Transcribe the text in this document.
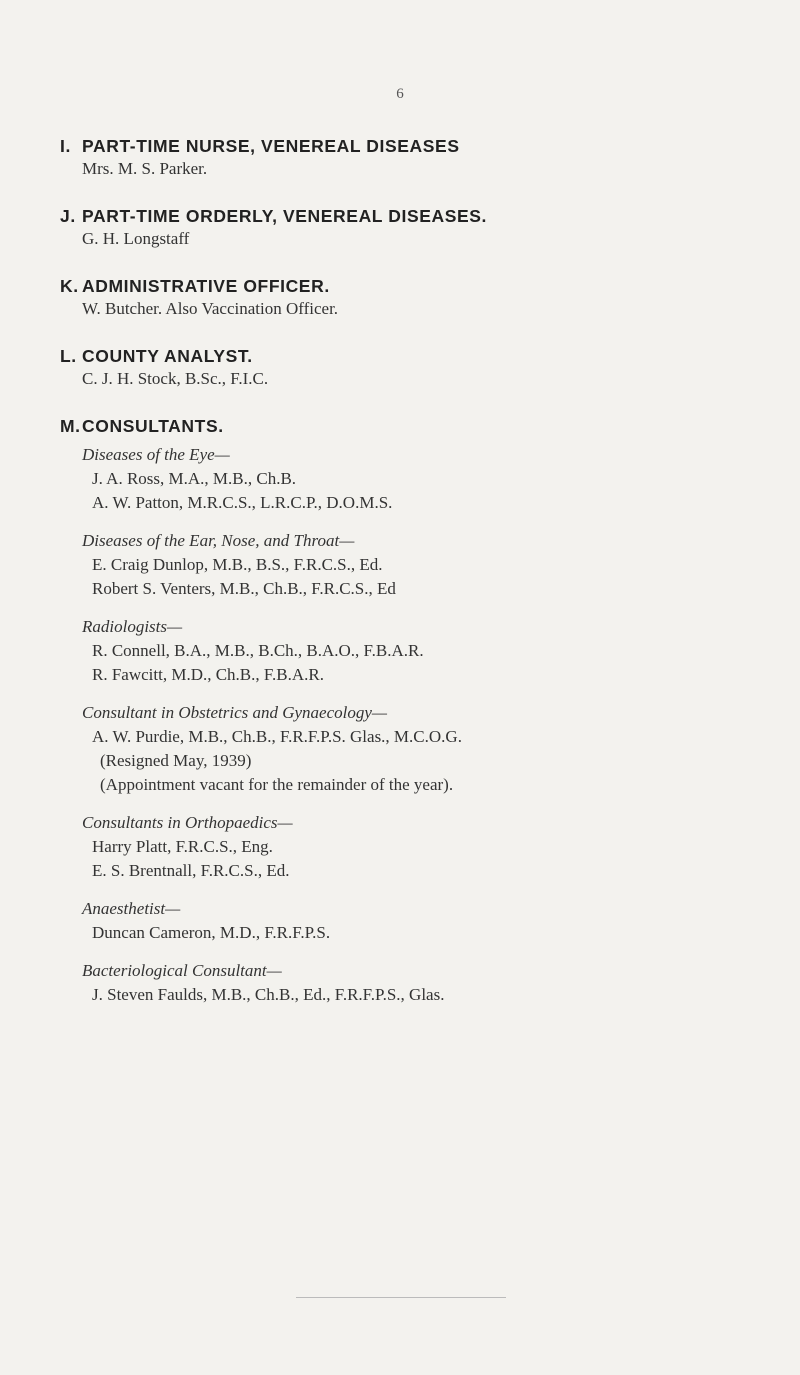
6
I. PART-TIME NURSE, VENEREAL DISEASES
Mrs. M. S. Parker.
J. PART-TIME ORDERLY, VENEREAL DISEASES.
G. H. Longstaff
K. ADMINISTRATIVE OFFICER.
W. Butcher. Also Vaccination Officer.
L. COUNTY ANALYST.
C. J. H. Stock, B.Sc., F.I.C.
M.CONSULTANTS.
Diseases of the Eye—
J. A. Ross, M.A., M.B., Ch.B.
A. W. Patton, M.R.C.S., L.R.C.P., D.O.M.S.
Diseases of the Ear, Nose, and Throat—
E. Craig Dunlop, M.B., B.S., F.R.C.S., Ed.
Robert S. Venters, M.B., Ch.B., F.R.C.S., Ed
Radiologists—
R. Connell, B.A., M.B., B.Ch., B.A.O., F.B.A.R.
R. Fawcitt, M.D., Ch.B., F.B.A.R.
Consultant in Obstetrics and Gynaecology—
A. W. Purdie, M.B., Ch.B., F.R.F.P.S. Glas., M.C.O.G.
(Resigned May, 1939)
(Appointment vacant for the remainder of the year).
Consultants in Orthopaedics—
Harry Platt, F.R.C.S., Eng.
E. S. Brentnall, F.R.C.S., Ed.
Anaesthetist—
Duncan Cameron, M.D., F.R.F.P.S.
Bacteriological Consultant—
J. Steven Faulds, M.B., Ch.B., Ed., F.R.F.P.S., Glas.
